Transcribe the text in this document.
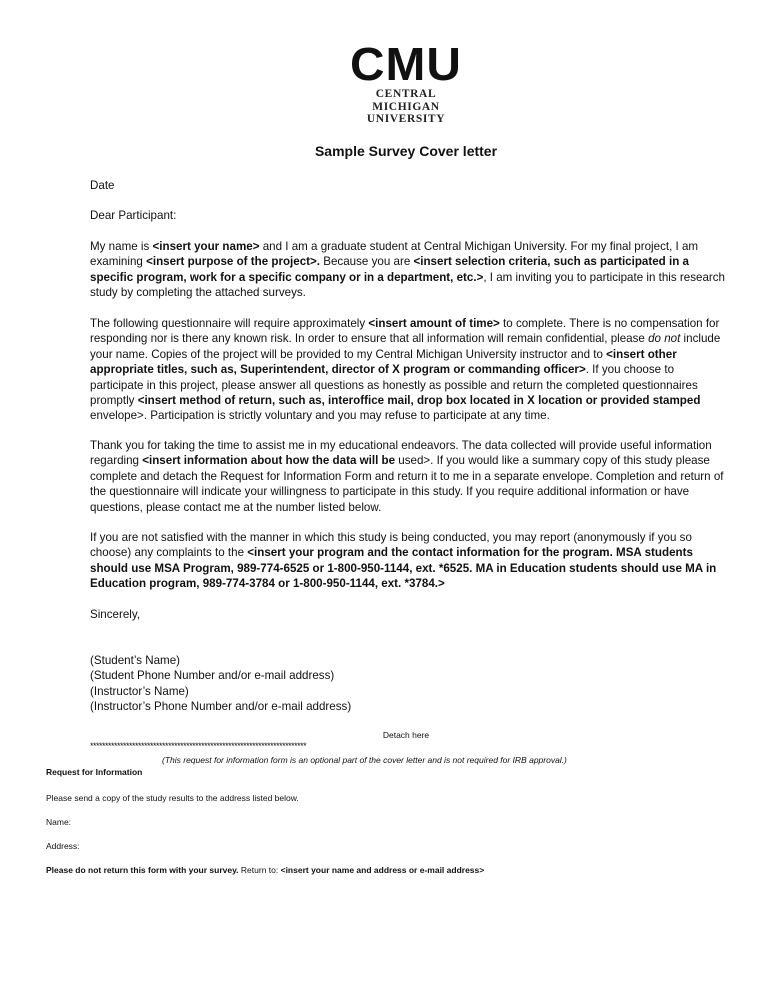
CMU
CENTRAL MICHIGAN
UNIVERSITY
Sample Survey Cover letter
Date
Dear Participant:

My name is <insert your name> and I am a graduate student at Central Michigan University. For my final project, I am examining <insert purpose of the project>. Because you are <insert selection criteria, such as participated in a specific program, work for a specific company or in a department, etc.>, I am inviting you to participate in this research study by completing the attached surveys.

The following questionnaire will require approximately <insert amount of time> to complete. There is no compensation for responding nor is there any known risk. In order to ensure that all information will remain confidential, please do not include your name. Copies of the project will be provided to my Central Michigan University instructor and to <insert other appropriate titles, such as, Superintendent, director of X program or commanding officer>. If you choose to participate in this project, please answer all questions as honestly as possible and return the completed questionnaires promptly <insert method of return, such as, interoffice mail, drop box located in X location or provided stamped envelope>. Participation is strictly voluntary and you may refuse to participate at any time.

Thank you for taking the time to assist me in my educational endeavors. The data collected will provide useful information regarding <insert information about how the data will be used>. If you would like a summary copy of this study please complete and detach the Request for Information Form and return it to me in a separate envelope. Completion and return of the questionnaire will indicate your willingness to participate in this study. If you require additional information or have questions, please contact me at the number listed below.

If you are not satisfied with the manner in which this study is being conducted, you may report (anonymously if you so choose) any complaints to the <insert your program and the contact information for the program. MSA students should use MSA Program, 989-774-6525 or 1-800-950-1144, ext. *6525. MA in Education students should use MA in Education program, 989-774-3784 or 1-800-950-1144, ext. *3784.>

Sincerely,
(Student’s Name)
(Student Phone Number and/or e-mail address)
(Instructor’s Name)
(Instructor’s Phone Number and/or e-mail address)
Detach here
************************************************************************
(This request for information form is an optional part of the cover letter and is not required for IRB approval.)
Request for Information
Please send a copy of the study results to the address listed below.
Name:
Address:
Please do not return this form with your survey. Return to: <insert your name and address or e-mail address>
